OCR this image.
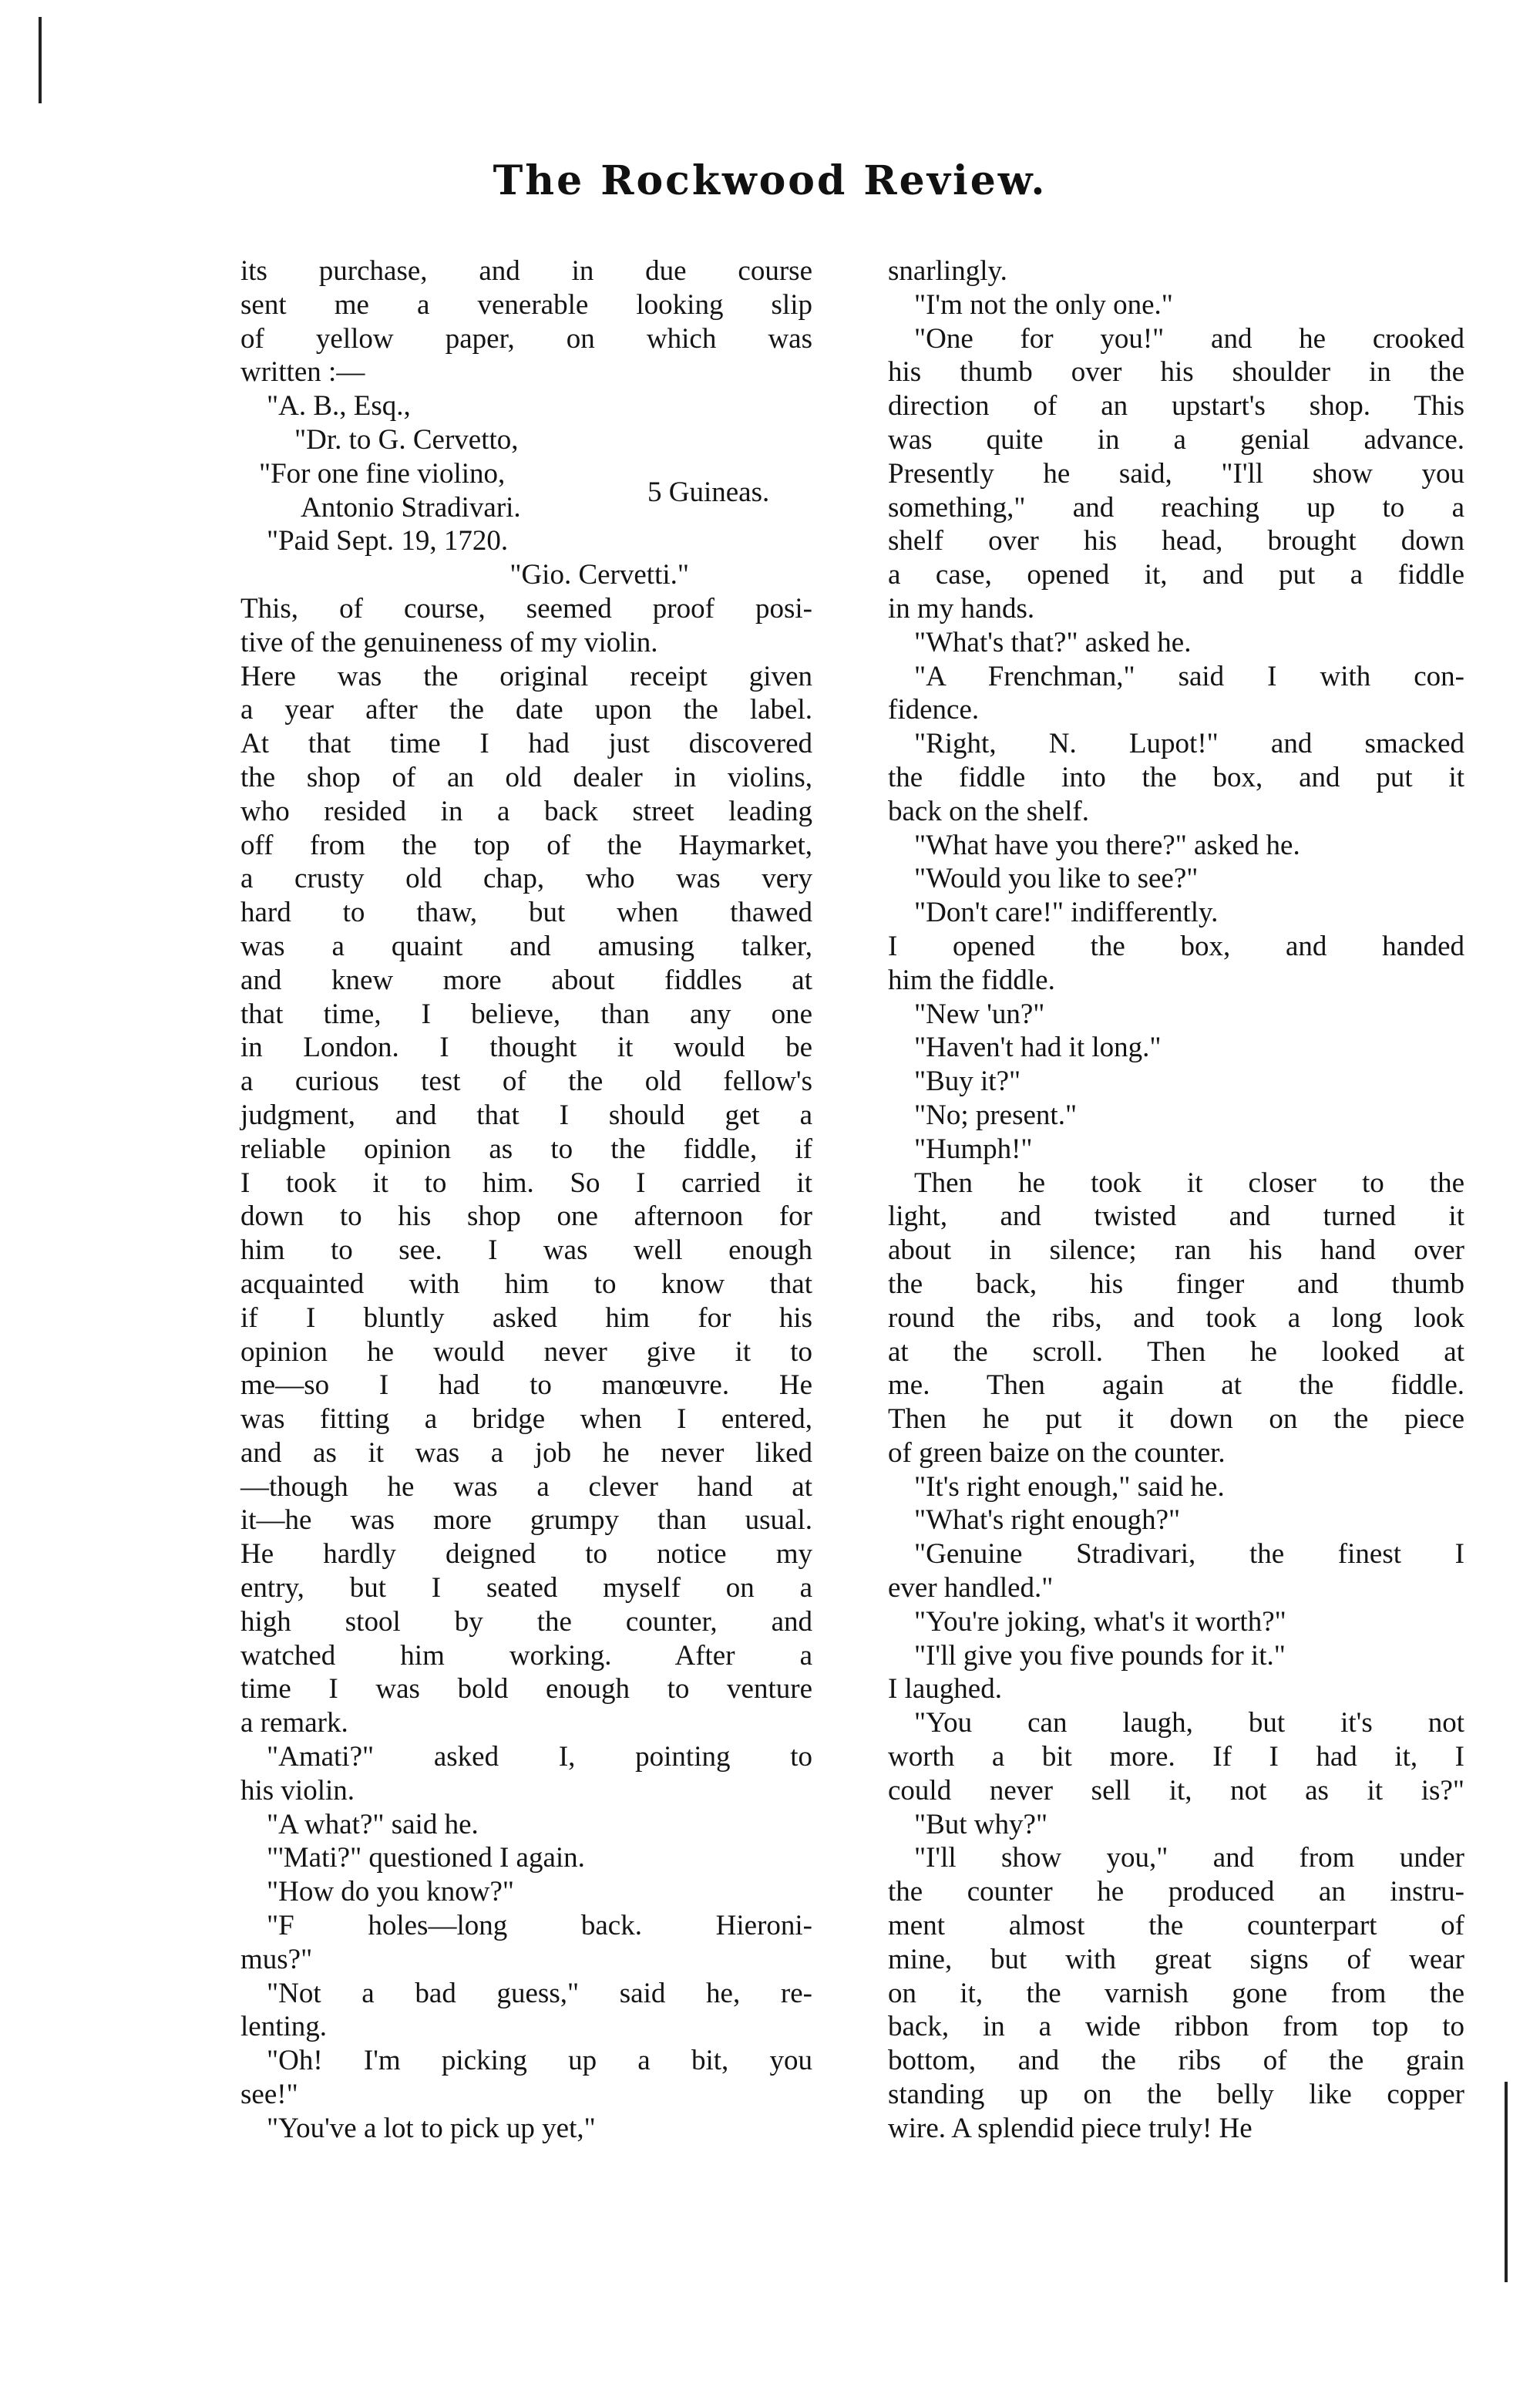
The Rockwood Review.
its purchase, and in due course
sent me a venerable looking slip
of yellow paper, on which was
written :—
"A. B., Esq.,
"Dr. to G. Cervetto,
"For one fine violino,
Antonio Stradivari.	5 Guineas.
"Paid Sept. 19, 1720.
"Gio. Cervetti."
This, of course, seemed proof posi-
tive of the genuineness of my violin.
Here was the original receipt given
a year after the date upon the label.
At that time I had just discovered
the shop of an old dealer in violins,
who resided in a back street leading
off from the top of the Haymarket,
a crusty old chap, who was very
hard to thaw, but when thawed
was a quaint and amusing talker,
and knew more about fiddles at
that time, I believe, than any one
in London. I thought it would be
a curious test of the old fellow's
judgment, and that I should get a
reliable opinion as to the fiddle, if
I took it to him. So I carried it
down to his shop one afternoon for
him to see. I was well enough
acquainted with him to know that
if I bluntly asked him for his
opinion he would never give it to
me—so I had to manœuvre. He
was fitting a bridge when I entered,
and as it was a job he never liked
—though he was a clever hand at
it—he was more grumpy than usual.
He hardly deigned to notice my
entry, but I seated myself on a
high stool by the counter, and
watched him working. After a
time I was bold enough to venture
a remark.
"Amati?" asked I, pointing to
his violin.
"A what?" said he.
"'Mati?" questioned I again.
"How do you know?"
"F holes—long back. Hieroni-
mus?"
"Not a bad guess," said he, re-
lenting.
"Oh! I'm picking up a bit, you
see!"
"You've a lot to pick up yet,"
snarlingly.
"I'm not the only one."
"One for you!" and he crooked
his thumb over his shoulder in the
direction of an upstart's shop. This
was quite in a genial advance.
Presently he said, "I'll show you
something," and reaching up to a
shelf over his head, brought down
a case, opened it, and put a fiddle
in my hands.
"What's that?" asked he.
"A Frenchman," said I with con-
fidence.
"Right, N. Lupot!" and smacked
the fiddle into the box, and put it
back on the shelf.
"What have you there?" asked he.
"Would you like to see?"
"Don't care!" indifferently.
I opened the box, and handed
him the fiddle.
"New 'un?"
"Haven't had it long."
"Buy it?"
"No; present."
"Humph!"
Then he took it closer to the
light, and twisted and turned it
about in silence; ran his hand over
the back, his finger and thumb
round the ribs, and took a long look
at the scroll. Then he looked at
me. Then again at the fiddle.
Then he put it down on the piece
of green baize on the counter.
"It's right enough," said he.
"What's right enough?"
"Genuine Stradivari, the finest I
ever handled."
"You're joking, what's it worth?"
"I'll give you five pounds for it."
I laughed.
"You can laugh, but it's not
worth a bit more. If I had it, I
could never sell it, not as it is?"
"But why?"
"I'll show you," and from under
the counter he produced an instru-
ment almost the counterpart of
mine, but with great signs of wear
on it, the varnish gone from the
back, in a wide ribbon from top to
bottom, and the ribs of the grain
standing up on the belly like copper
wire. A splendid piece truly! He
